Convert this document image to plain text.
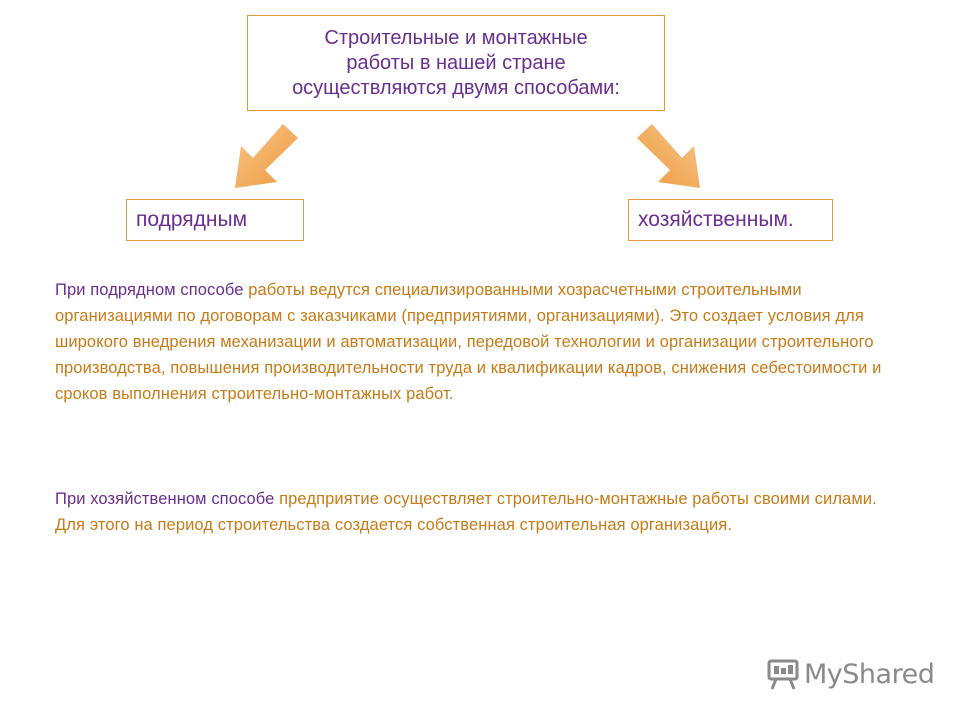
Строительные и монтажные
работы в нашей стране
осуществляются двумя способами:
подрядным	хозяйственным.
При подрядном способе работы ведутся специализированными хозрасчетными строительными организациями по договорам с заказчиками (предприятиями, организациями). Это создает условия для широкого внедрения механизации и автоматизации, передовой технологии и организации строительного производства, повышения производительности труда и квалификации кадров, снижения себестоимости и сроков выполнения строительно-монтажных работ.
При хозяйственном способе предприятие осуществляет строительно-монтажные работы своими силами. Для этого на период строительства создается собственная строительная организация.
MyShared
